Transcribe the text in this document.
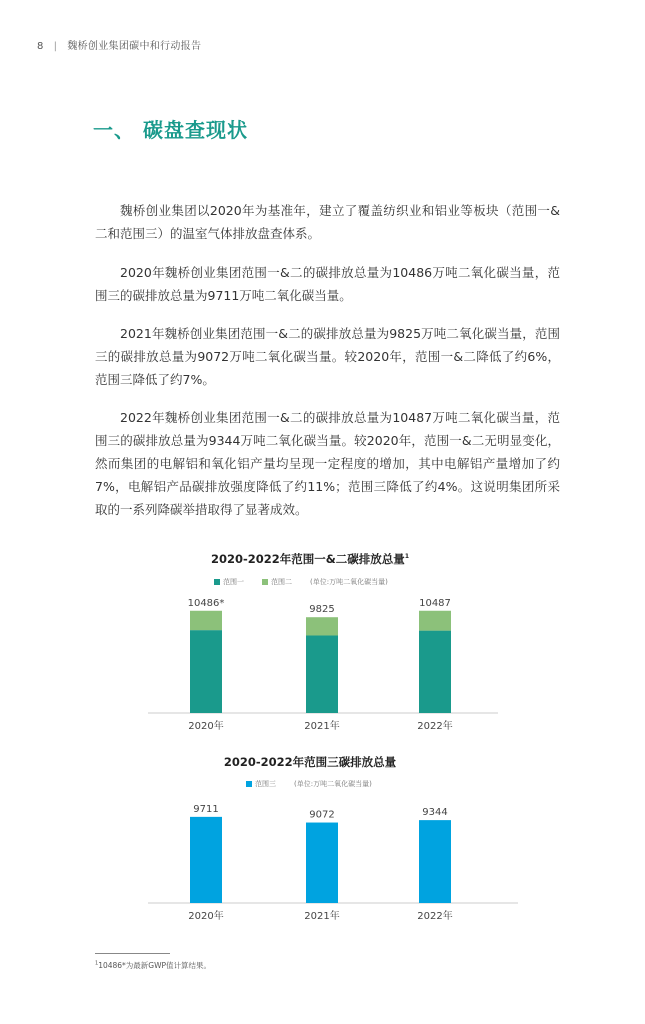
8 | 魏桥创业集团碳中和行动报告
一、 碳盘查现状

魏桥创业集团以2020年为基准年，建立了覆盖纺织业和铝业等板块（范围一&二和范围三）的温室气体排放盘查体系。

2020年魏桥创业集团范围一&二的碳排放总量为10486万吨二氧化碳当量，范围三的碳排放总量为9711万吨二氧化碳当量。

2021年魏桥创业集团范围一&二的碳排放总量为9825万吨二氧化碳当量，范围三的碳排放总量为9072万吨二氧化碳当量。较2020年，范围一&二降低了约6%，范围三降低了约7%。

2022年魏桥创业集团范围一&二的碳排放总量为10487万吨二氧化碳当量，范围三的碳排放总量为9344万吨二氧化碳当量。较2020年，范围一&二无明显变化，然而集团的电解铝和氧化铝产量均呈现一定程度的增加，其中电解铝产量增加了约7%，电解铝产品碳排放强度降低了约11%；范围三降低了约4%。这说明集团所采取的一系列降碳举措取得了显著成效。

2020-2022年范围一&二碳排放总量$^1$
范围一	范围二	(单位:万吨二氧化碳当量)
10486*
2020年
9825
2021年
10487
2022年
2020-2022年范围三碳排放总量
范围三	(单位:万吨二氧化碳当量)
9711
2020年
9072
2021年
9344
2022年
$^1$10486*为最新GWP值计算结果。
